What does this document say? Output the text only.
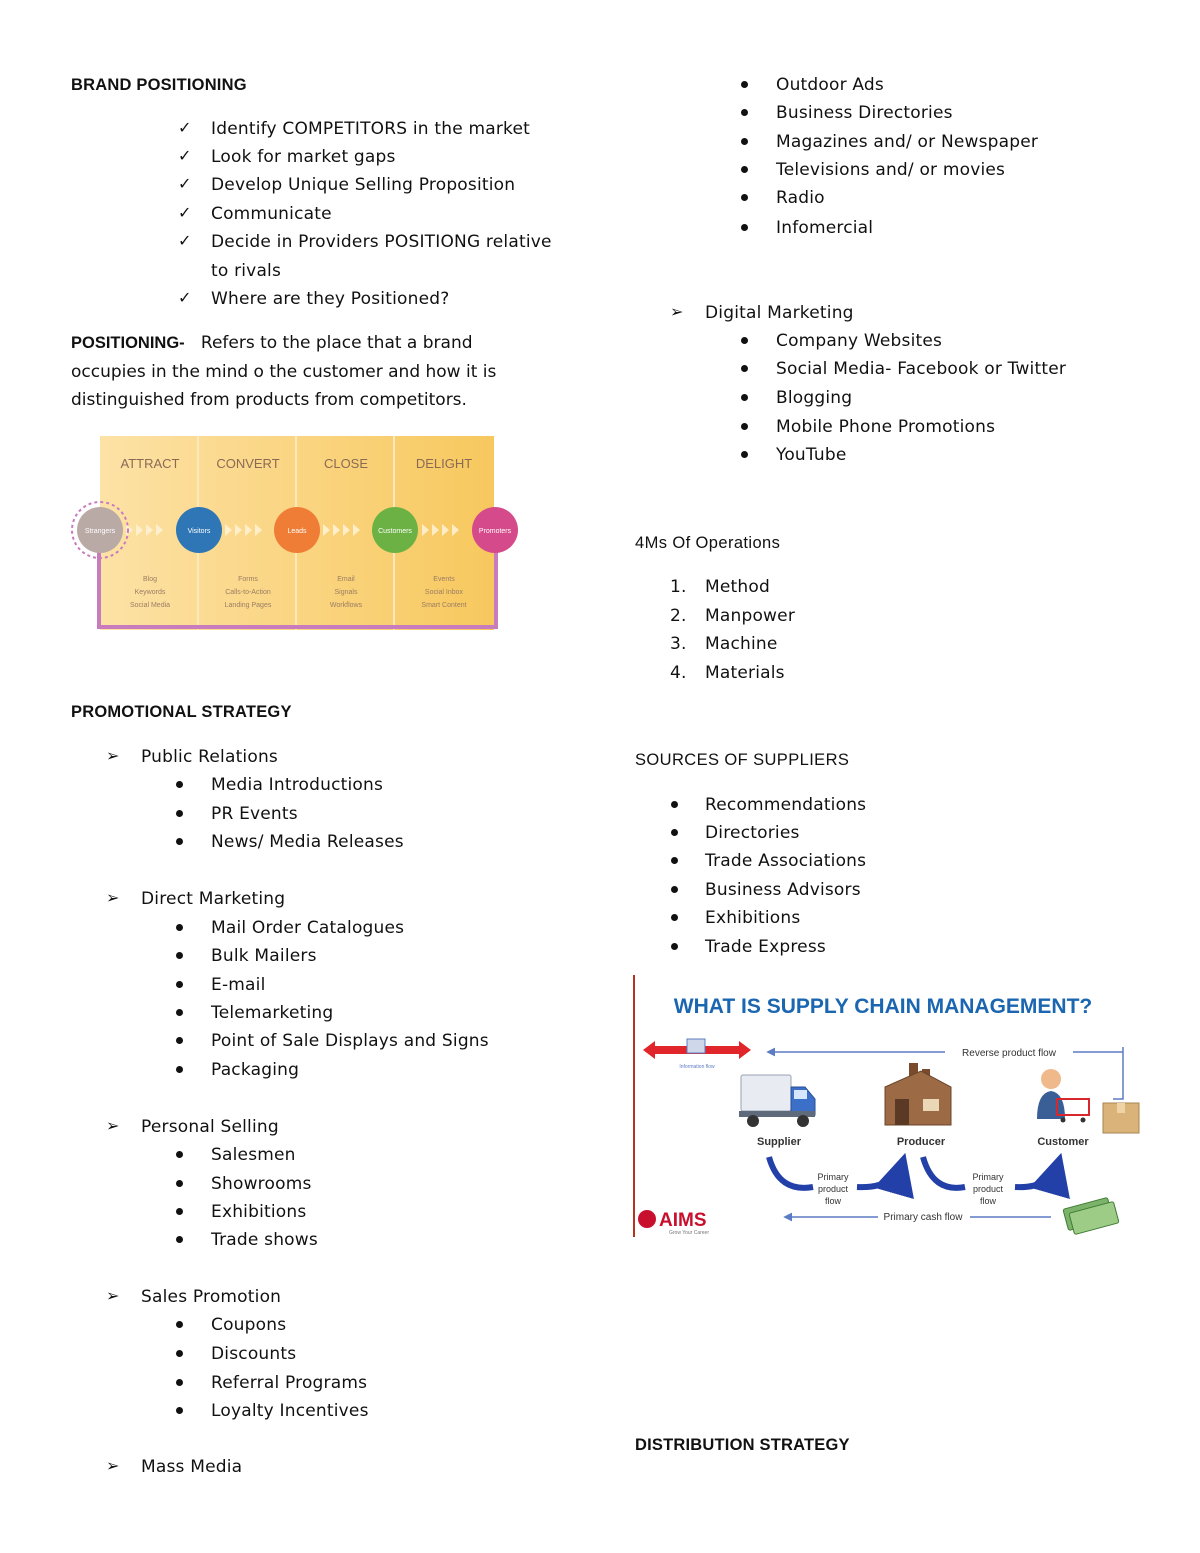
BRAND POSITIONING
✓ Identify COMPETITORS in the market
✓ Look for market gaps
✓ Develop Unique Selling Proposition
✓ Communicate
✓ Decide in Providers POSITIONG relative
to rivals
✓ Where are they Positioned?
POSITIONING- Refers to the place that a brand occupies in the mind o the customer and how it is distinguished from products from competitors.
ATTRACT	CONVERT	CLOSE	DELIGHT
Strangers	Visitors	Leads	Customers	Promoters
Blog
Keywords
Social Media
Forms
Calls-to-Action
Landing Pages
Email
Signals
Workflows
Events
Social Inbox
Smart Content
PROMOTIONAL STRATEGY
➢ Public Relations
Media Introductions
PR Events
News/ Media Releases
➢ Direct Marketing
Mail Order Catalogues
Bulk Mailers
E-mail
Telemarketing
Point of Sale Displays and Signs
Packaging
➢ Personal Selling
Salesmen
Showrooms
Exhibitions
Trade shows
➢ Sales Promotion
Coupons
Discounts
Referral Programs
Loyalty Incentives
➢ Mass Media
Outdoor Ads
Business Directories
Magazines and/ or Newspaper
Televisions and/ or movies
Radio
Infomercial
➢ Digital Marketing
Company Websites
Social Media- Facebook or Twitter
Blogging
Mobile Phone Promotions
YouTube
4Ms Of Operations
1. Method
2. Manpower
3. Machine
4. Materials
SOURCES OF SUPPLIERS
Recommendations
Directories
Trade Associations
Business Advisors
Exhibitions
Trade Express
WHAT IS SUPPLY CHAIN MANAGEMENT?
Information flow
Reverse product flow
Supplier	Producer	Customer
Primary product flow
Primary product flow
Primary cash flow
AIMS
Grow Your Career
DISTRIBUTION STRATEGY
